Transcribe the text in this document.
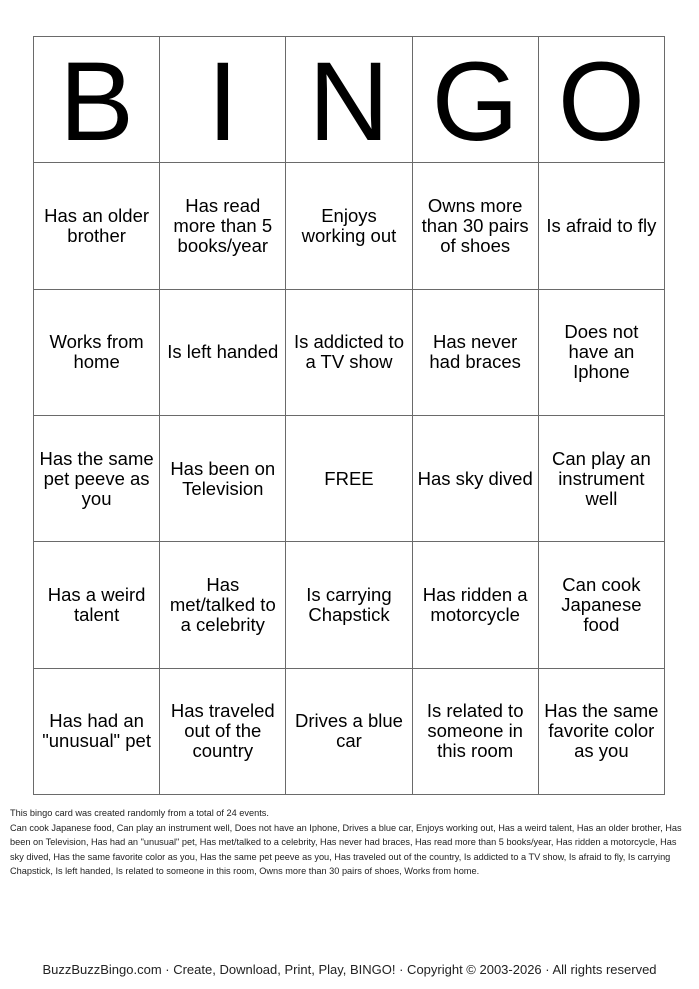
B	I	N	G	O
Has an older brother	Has read more than 5 books/year	Enjoys working out	Owns more than 30 pairs of shoes	Is afraid to fly
Works from home	Is left handed	Is addicted to a TV show	Has never had braces	Does not have an Iphone
Has the same pet peeve as you	Has been on Television	FREE	Has sky dived	Can play an instrument well
Has a weird talent	Has met/talked to a celebrity	Is carrying Chapstick	Has ridden a motorcycle	Can cook Japanese food
Has had an "unusual" pet	Has traveled out of the country	Drives a blue car	Is related to someone in this room	Has the same favorite color as you

This bingo card was created randomly from a total of 24 events.

Can cook Japanese food, Can play an instrument well, Does not have an Iphone, Drives a blue car, Enjoys working out, Has a weird talent, Has an older brother, Has been on Television, Has had an "unusual" pet, Has met/talked to a celebrity, Has never had braces, Has read more than 5 books/year, Has ridden a motorcycle, Has sky dived, Has the same favorite color as you, Has the same pet peeve as you, Has traveled out of the country, Is addicted to a TV show, Is afraid to fly, Is carrying Chapstick, Is left handed, Is related to someone in this room, Owns more than 30 pairs of shoes, Works from home.

BuzzBuzzBingo.com · Create, Download, Print, Play, BINGO! · Copyright © 2003-2026 · All rights reserved
